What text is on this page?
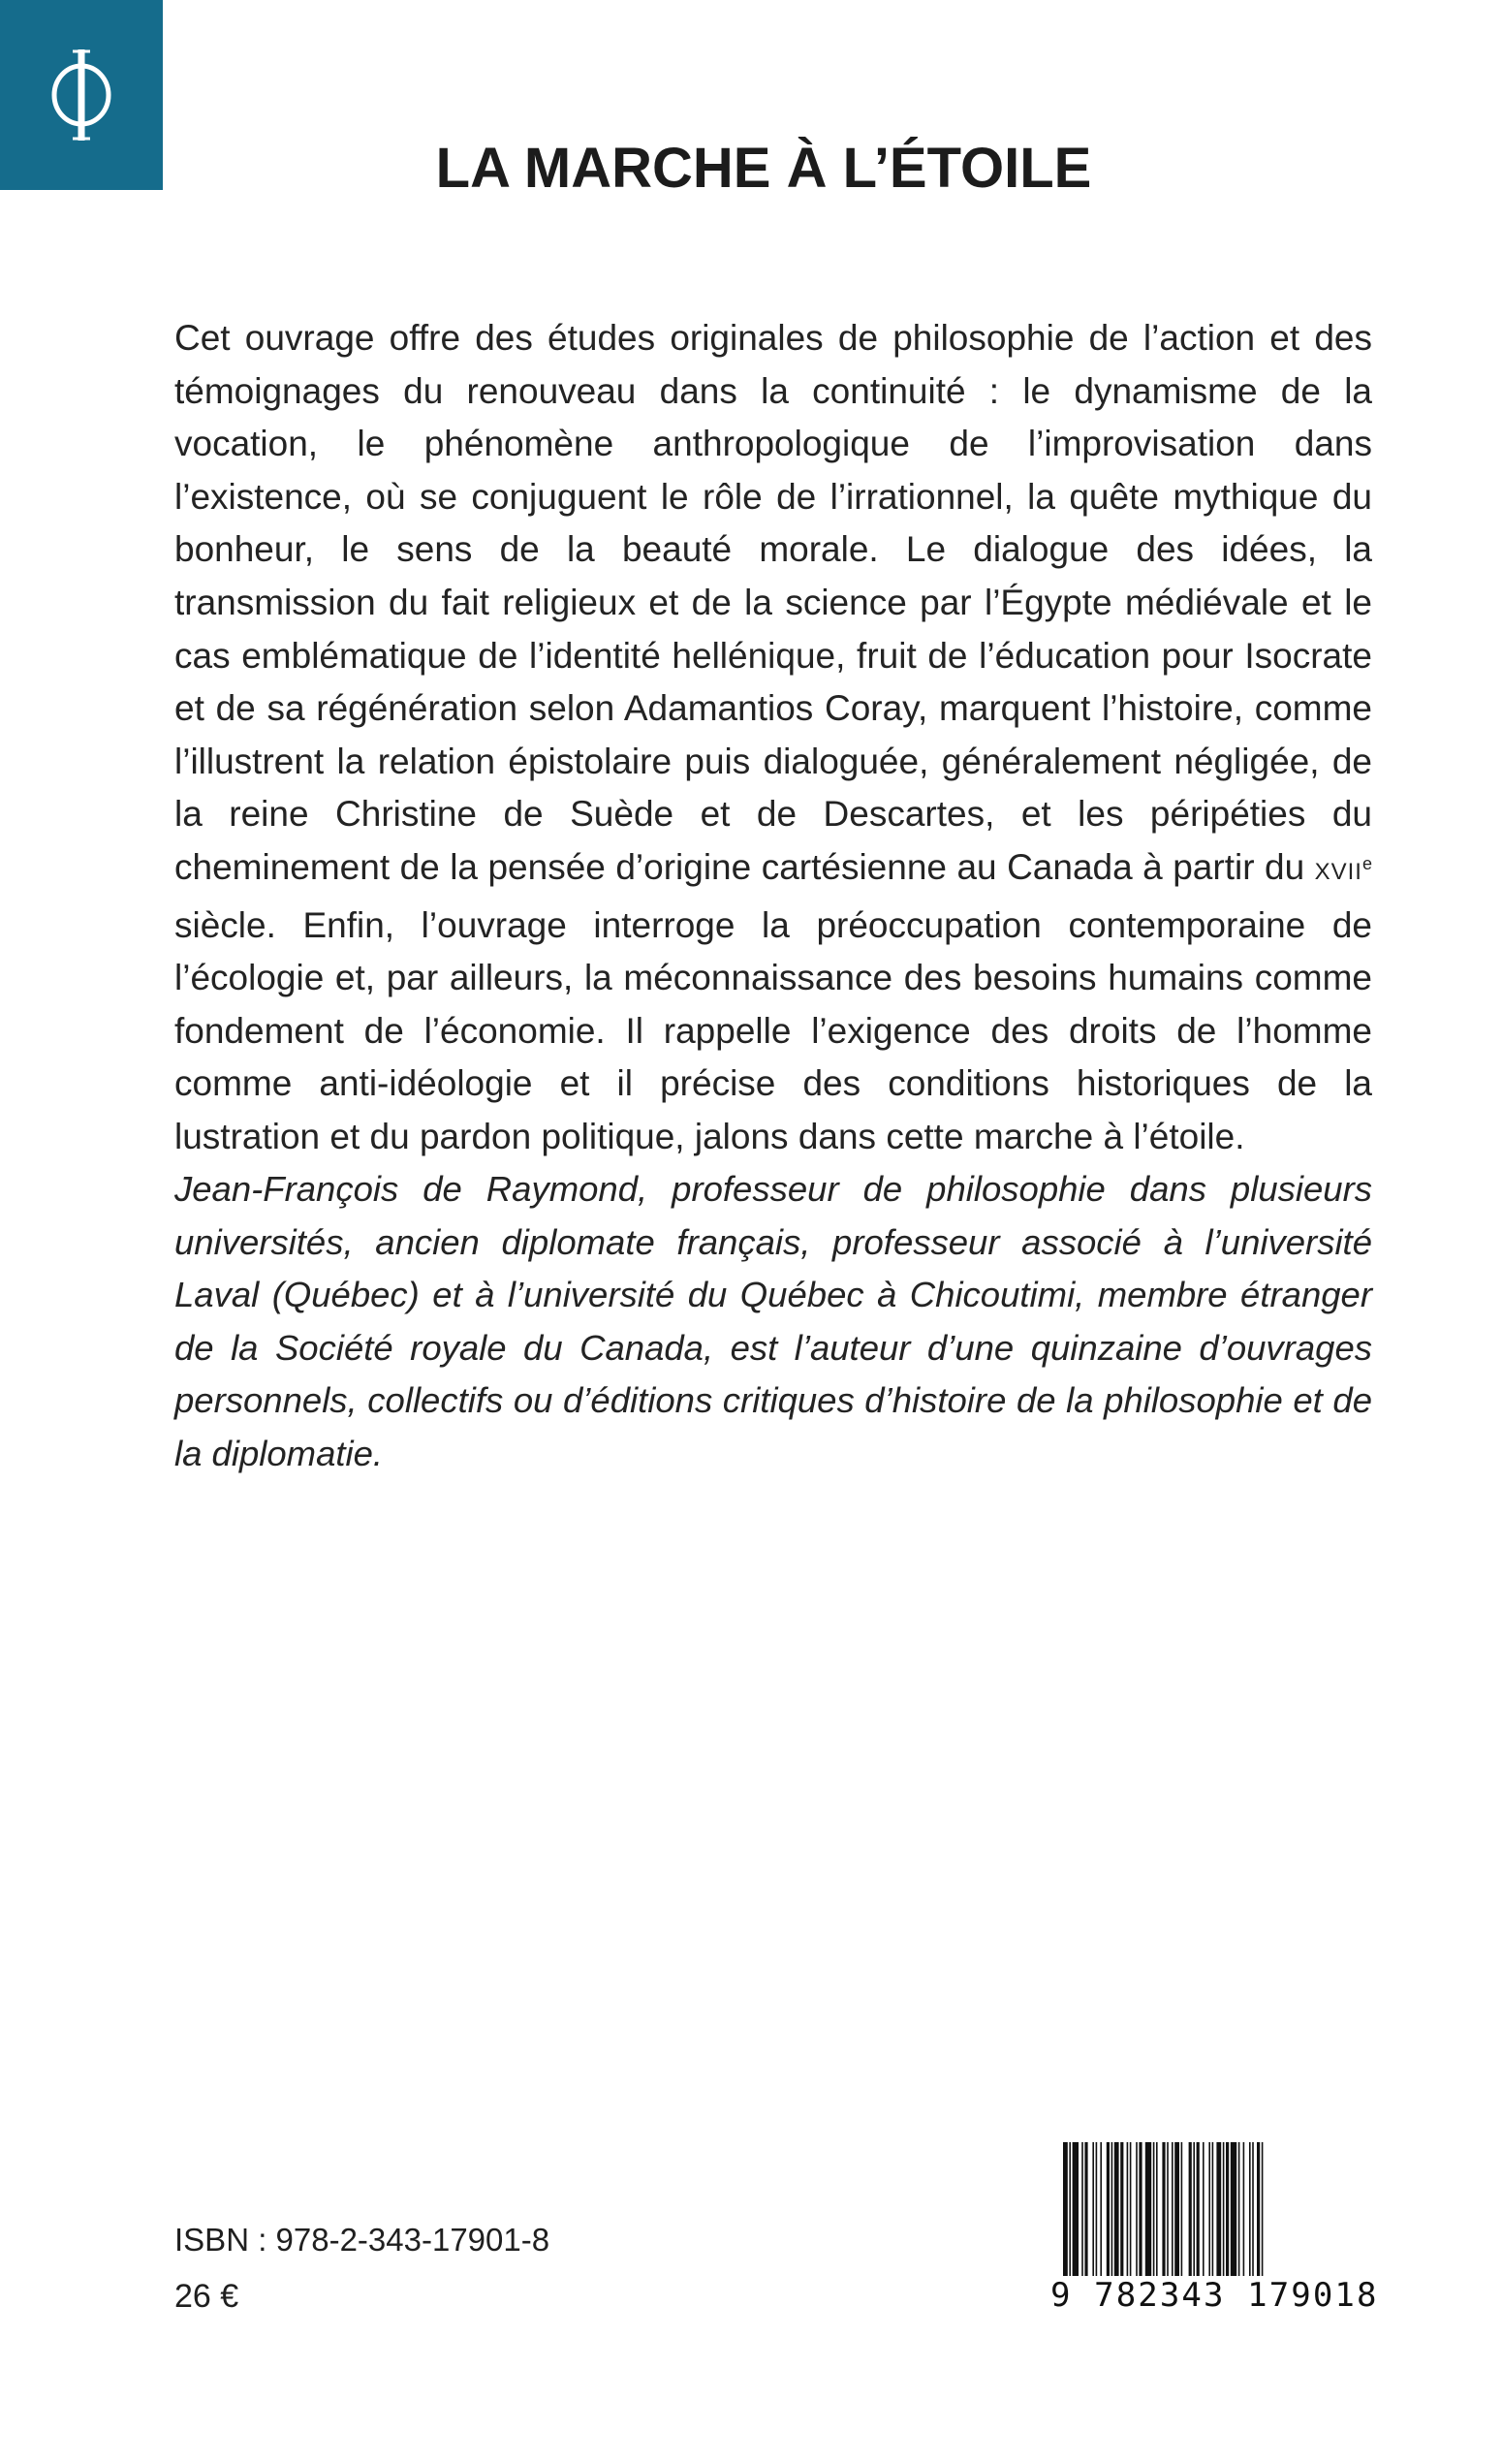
LA MARCHE À L’ÉTOILE

Cet ouvrage offre des études originales de philosophie de l’action et des témoignages du renouveau dans la continuité : le dynamisme de la vocation, le phénomène anthropologique de l’improvisation dans l’existence, où se conjuguent le rôle de l’irrationnel, la quête mythique du bonheur, le sens de la beauté morale. Le dialogue des idées, la transmission du fait religieux et de la science par l’Égypte médiévale et le cas emblématique de l’identité hellénique, fruit de l’éducation pour Isocrate et de sa régénération selon Adamantios Coray, marquent l’histoire, comme l’illustrent la relation épistolaire puis dialoguée, généralement négligée, de la reine Christine de Suède et de Descartes, et les péripéties du cheminement de la pensée d’origine cartésienne au Canada à partir du XVIIe siècle. Enfin, l’ouvrage interroge la préoccupation contemporaine de l’écologie et, par ailleurs, la méconnaissance des besoins humains comme fondement de l’économie. Il rappelle l’exigence des droits de l’homme comme anti-idéologie et il précise des conditions historiques de la lustration et du pardon politique, jalons dans cette marche à l’étoile.

Jean-François de Raymond, professeur de philosophie dans plusieurs universités, ancien diplomate français, professeur associé à l’université Laval (Québec) et à l’université du Québec à Chicoutimi, membre étranger de la Société royale du Canada, est l’auteur d’une quinzaine d’ouvrages personnels, collectifs ou d’éditions critiques d’histoire de la philosophie et de la diplomatie.

ISBN : 978-2-343-17901-8
26 €	9 782343 179018
